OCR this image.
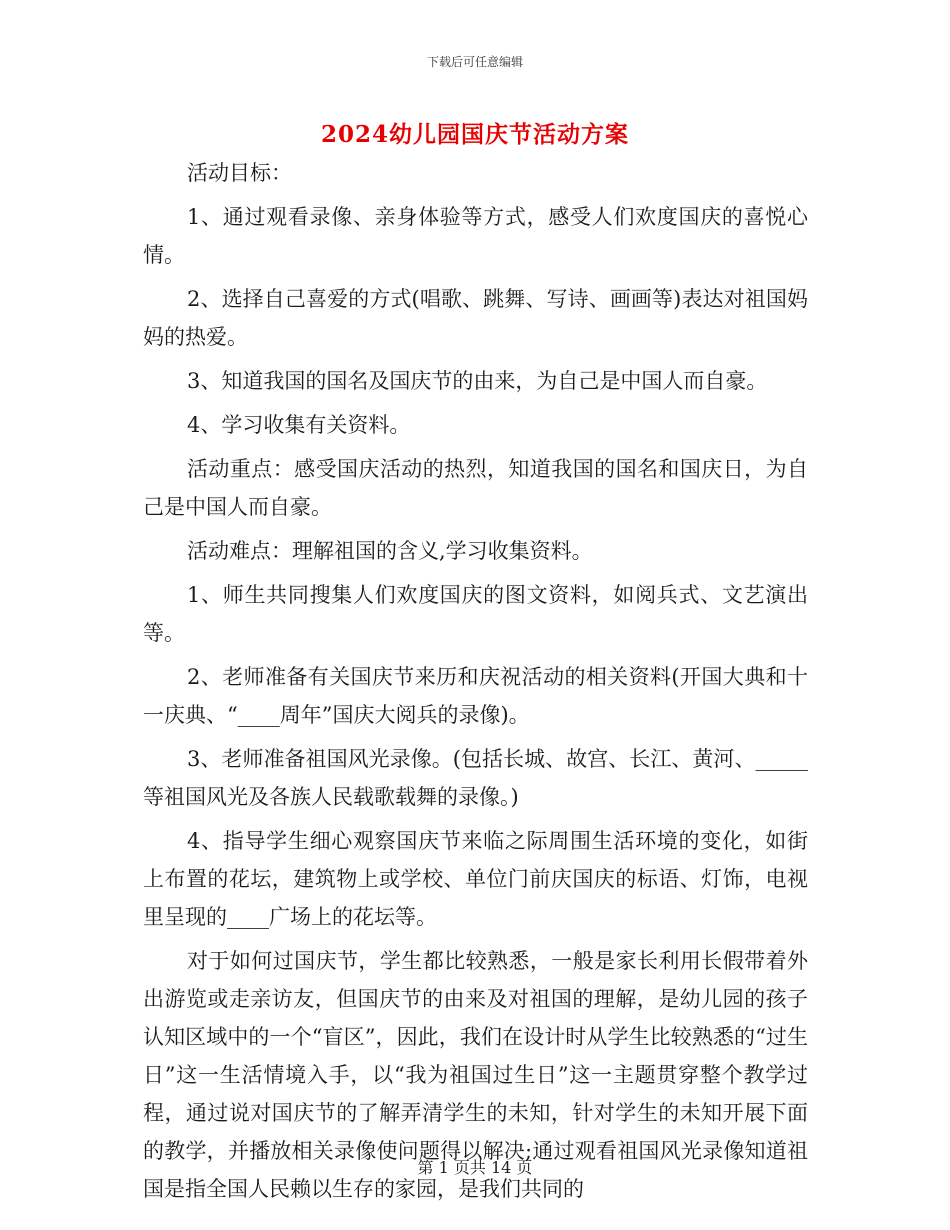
下载后可任意编辑
2024幼儿园国庆节活动方案

活动目标：

1、通过观看录像、亲身体验等方式，感受人们欢度国庆的喜悦心情。

2、选择自己喜爱的方式(唱歌、跳舞、写诗、画画等)表达对祖国妈妈的热爱。

3、知道我国的国名及国庆节的由来，为自己是中国人而自豪。

4、学习收集有关资料。

活动重点：感受国庆活动的热烈，知道我国的国名和国庆日，为自己是中国人而自豪。

活动难点：理解祖国的含义,学习收集资料。

1、师生共同搜集人们欢度国庆的图文资料，如阅兵式、文艺演出等。

2、老师准备有关国庆节来历和庆祝活动的相关资料(开国大典和十一庆典、“____周年”国庆大阅兵的录像)。

3、老师准备祖国风光录像。(包括长城、故宫、长江、黄河、_____等祖国风光及各族人民载歌载舞的录像。)

4、指导学生细心观察国庆节来临之际周围生活环境的变化，如街上布置的花坛，建筑物上或学校、单位门前庆国庆的标语、灯饰，电视里呈现的____广场上的花坛等。

对于如何过国庆节，学生都比较熟悉，一般是家长利用长假带着外出游览或走亲访友，但国庆节的由来及对祖国的理解，是幼儿园的孩子认知区域中的一个“盲区”，因此，我们在设计时从学生比较熟悉的“过生日”这一生活情境入手，以“我为祖国过生日”这一主题贯穿整个教学过程，通过说对国庆节的了解弄清学生的未知，针对学生的未知开展下面的教学，并播放相关录像使问题得以解决;通过观看祖国风光录像知道祖国是指全国人民赖以生存的家园，是我们共同的

第 1 页共 14 页
